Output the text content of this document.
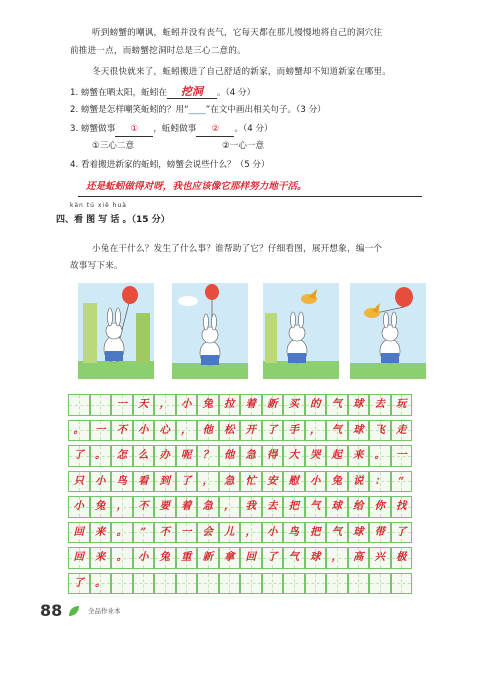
听到螃蟹的嘲讽，蚯蚓并没有丧气，它每天都在那儿慢慢地将自己的洞穴往
前推进一点，而螃蟹挖洞时总是三心二意的。
冬天很快就来了，蚯蚓搬进了自己舒适的新家，而螃蟹却不知道新家在哪里。
1. 螃蟹在晒太阳，蚯蚓在 挖洞 。（4 分）
2. 螃蟹是怎样嘲笑蚯蚓的？用“____”在文中画出相关句子。（3 分）
3. 螃蟹做事 ① ，蚯蚓做事 ② 。（4 分）
①三心二意	②一心一意
4. 看着搬进新家的蚯蚓，螃蟹会说些什么？（5 分）
还是蚯蚓做得对呀，我也应该像它那样努力地干活。
kàn tú xiě huà
四、看 图 写 话 。（15 分）
小兔在干什么？发生了什么事？谁帮助了它？仔细看图，展开想象，编一个
故事写下来。
一	天	，	小	兔	拉	着	新	买	的	气	球	去	玩
。	一	不	小	心	，	他	松	开	了	手	，	气	球	飞	走
了	。	怎	么	办	呢	？	他	急	得	大	哭	起	来	。	一
只	小	鸟	看	到	了	，	急	忙	安	慰	小	兔	说	：	“
小	兔	，	不	要	着	急	，	我	去	把	气	球	给	你	找
回	来	。	”	不	一	会	儿	，	小	鸟	把	气	球	带	了
回	来	。	小	兔	重	新	拿	回	了	气	球	，	高	兴	极
了	。
88	全品作业本
